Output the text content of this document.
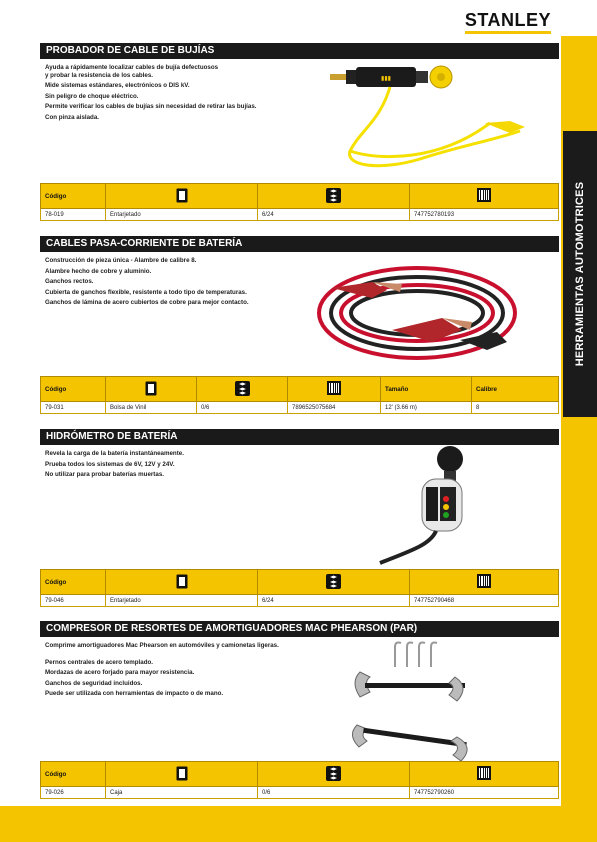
STANLEY
HERRAMIENTAS AUTOMOTRICES
PROBADOR DE CABLE DE BUJÍAS
Ayuda a rápidamente localizar cables de bujía defectuosos
y probar la resistencia de los cables.
Mide sistemas estándares, electrónicos o DIS kV.
Sin peligro de choque eléctrico.
Permite verificar los cables de bujías sin necesidad de retirar las bujías.
Con pinza aislada.
▮▮▮
Código			
78-019	Entarjetado	6/24	747752780193
CABLES PASA-CORRIENTE DE BATERÍA
Construcción de pieza única - Alambre de calibre 8.
Alambre hecho de cobre y aluminio.
Ganchos rectos.
Cubierta de ganchos flexible, resistente a todo tipo de temperaturas.
Ganchos de lámina de acero cubiertos de cobre para mejor contacto.
Código				Tamaño	Calibre
79-031	Bolsa de Vinil	0/6	7896525075684	12' (3.66 m)	8
HIDRÓMETRO DE BATERÍA
Revela la carga de la batería instantáneamente.
Prueba todos los sistemas de 6V, 12V y 24V.
No utilizar para probar baterías muertas.
Código			
79-046	Entarjetado	6/24	747752790468
COMPRESOR DE RESORTES DE AMORTIGUADORES MAC PHEARSON (PAR)
Comprime amortiguadores Mac Phearson en automóviles y camionetas ligeras.
Pernos centrales de acero templado.
Mordazas de acero forjado para mayor resistencia.
Ganchos de seguridad incluidos.
Puede ser utilizada con herramientas de impacto o de mano.
Código			
79-026	Caja	0/6	747752790260
